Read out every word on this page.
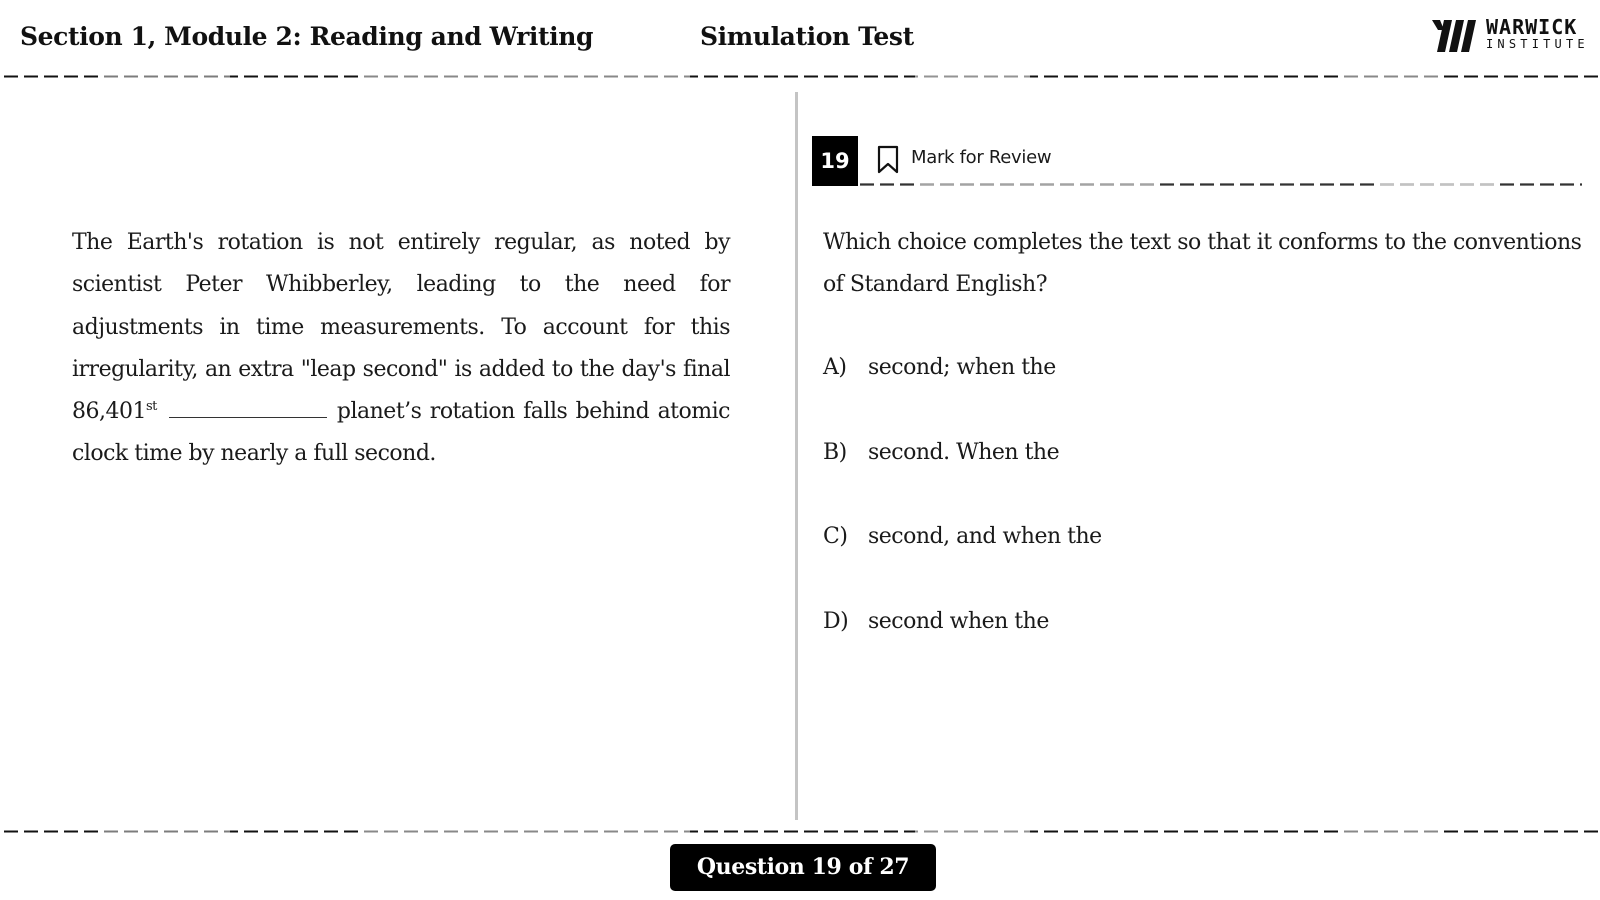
Section 1, Module 2: Reading and Writing	Simulation Test	WARWICK
INSTITUTE
The Earth's rotation is not entirely regular, as noted by scientist Peter Whibberley, leading to the need for adjustments in time measurements. To account for this irregularity, an extra "leap second" is added to the day's final 86,401st	planet’s rotation falls behind atomic clock time by nearly a full second.
19	Mark for Review
Which choice completes the text so that it conforms to the conventions of Standard English?
A) second; when the
B) second. When the
C) second, and when the
D) second when the
Question 19 of 27
